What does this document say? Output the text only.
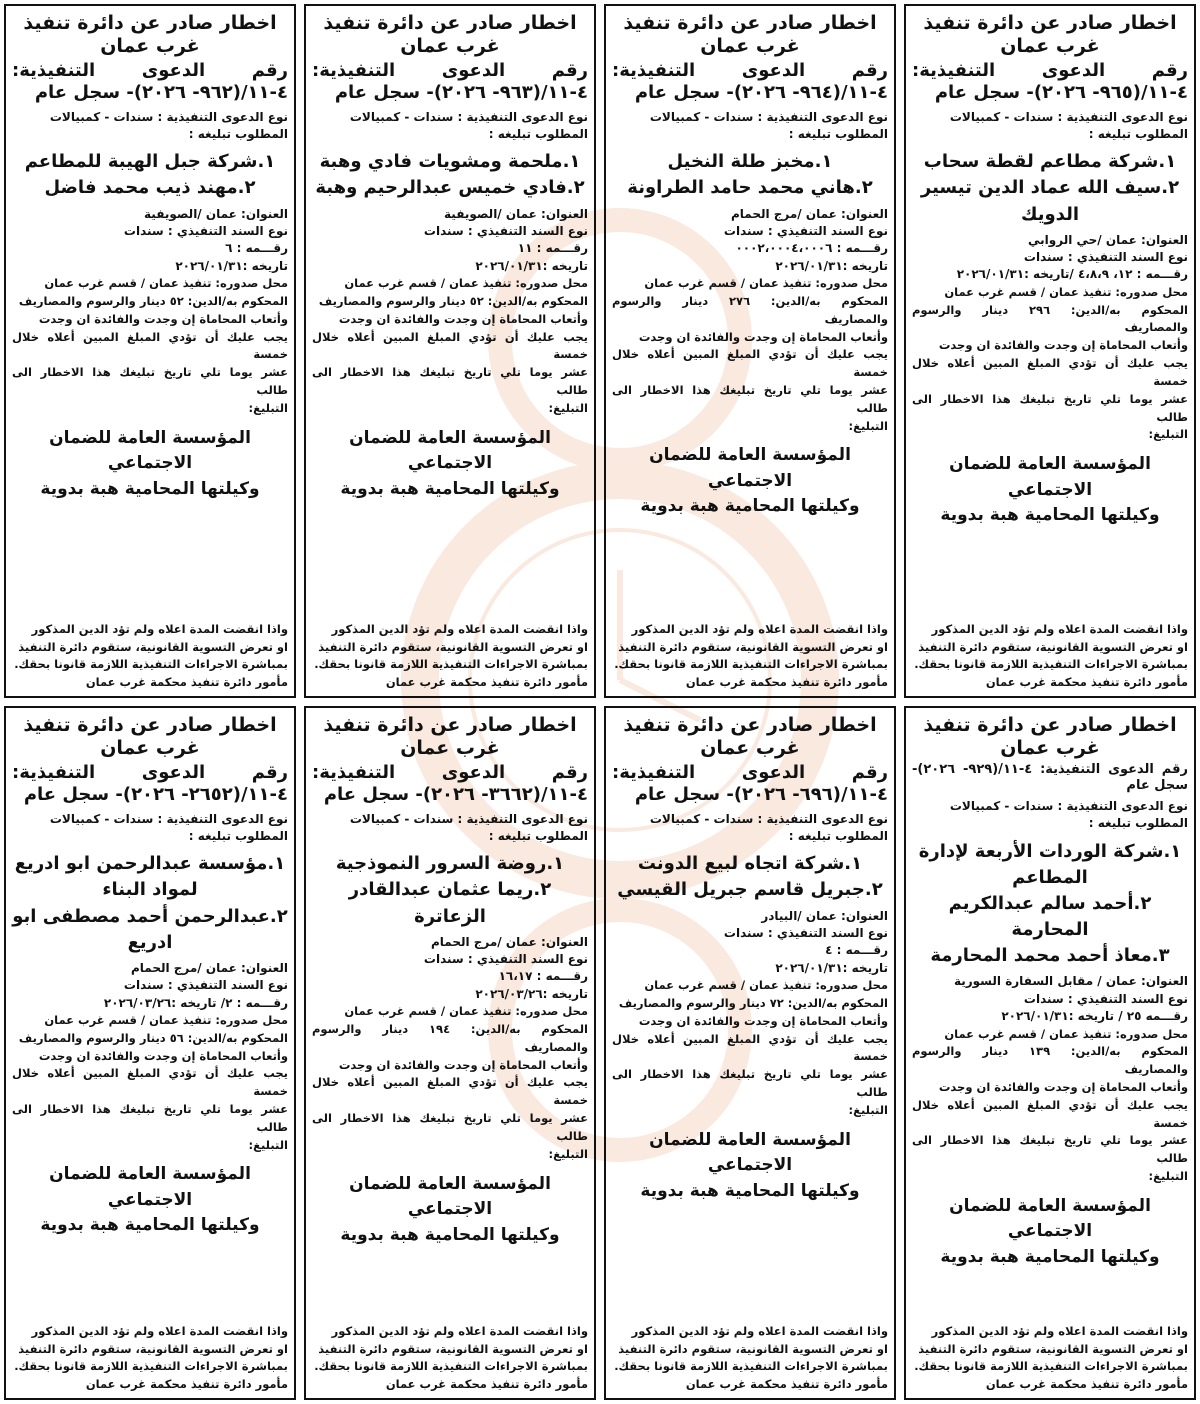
اخطار صادر عن دائرة تنفيذ غرب عمان
رقم الدعوى التنفيذية: ٤-١١/(٩٦٥- ٢٠٢٦)- سجل عام
نوع الدعوى التنفيذية : سندات - كمبيالات
المطلوب تبليغه :
١.شركة مطاعم لقطة سحاب
٢.سيف الله عماد الدين تيسير الدويك
العنوان: عمان /حي الروابي
نوع السند التنفيذي : سندات
رقـــمه : ١٢، ٤،٨،٩ /تاريخه :٢٠٢٦/٠١/٣١

محل صدوره: تنفيذ عمان / قسم غرب عمان

المحكوم به/الدين: ٢٩٦ دينار والرسوم والمصاريف

وأتعاب المحاماة إن وجدت والفائدة ان وجدت

يجب عليك أن تؤدي المبلغ المبين أعلاه خلال خمسة

عشر يوما تلي تاريخ تبليغك هذا الاخطار الى طالب

التبليغ:

المؤسسة العامة للضمان الاجتماعي
وكيلتها المحامية هبة بدوية
واذا انقضت المدة اعلاه ولم تؤد الدين المذكور
او تعرض التسوية القانونية، ستقوم دائرة التنفيذ
بمباشرة الاجراءات التنفيذية اللازمة قانونا بحقك.
مأمور دائرة تنفيذ محكمة غرب عمان
اخطار صادر عن دائرة تنفيذ غرب عمان
رقم الدعوى التنفيذية: ٤-١١/(٩٦٤- ٢٠٢٦)- سجل عام
نوع الدعوى التنفيذية : سندات - كمبيالات
المطلوب تبليغه :
١.مخبز طلة النخيل
٢.هاني محمد حامد الطراونة
العنوان: عمان /مرج الحمام
نوع السند التنفيذي : سندات
رقـــمه : ٠٠٠٢،٠٠٠٤،٠٠٠٦
تاريخه :٢٠٢٦/٠١/٣١

محل صدوره: تنفيذ عمان / قسم غرب عمان

المحكوم به/الدين: ٢٧٦ دينار والرسوم والمصاريف

وأتعاب المحاماة إن وجدت والفائدة ان وجدت

يجب عليك أن تؤدي المبلغ المبين أعلاه خلال خمسة

عشر يوما تلي تاريخ تبليغك هذا الاخطار الى طالب

التبليغ:

المؤسسة العامة للضمان الاجتماعي
وكيلتها المحامية هبة بدوية
واذا انقضت المدة اعلاه ولم تؤد الدين المذكور
او تعرض التسوية القانونية، ستقوم دائرة التنفيذ
بمباشرة الاجراءات التنفيذية اللازمة قانونا بحقك.
مأمور دائرة تنفيذ محكمة غرب عمان
اخطار صادر عن دائرة تنفيذ غرب عمان
رقم الدعوى التنفيذية: ٤-١١/(٩٦٣- ٢٠٢٦)- سجل عام
نوع الدعوى التنفيذية : سندات - كمبيالات
المطلوب تبليغه :
١.ملحمة ومشويات فادي وهبة
٢.فادي خميس عبدالرحيم وهبة
العنوان: عمان /الصويفية
نوع السند التنفيذي : سندات
رقـــمه : ١١
تاريخه :٢٠٢٦/٠١/٣١

محل صدوره: تنفيذ عمان / قسم غرب عمان

المحكوم به/الدين: ٥٢ دينار والرسوم والمصاريف

وأتعاب المحاماة إن وجدت والفائدة ان وجدت

يجب عليك أن تؤدي المبلغ المبين أعلاه خلال خمسة

عشر يوما تلي تاريخ تبليغك هذا الاخطار الى طالب

التبليغ:

المؤسسة العامة للضمان الاجتماعي
وكيلتها المحامية هبة بدوية
واذا انقضت المدة اعلاه ولم تؤد الدين المذكور
او تعرض التسوية القانونية، ستقوم دائرة التنفيذ
بمباشرة الاجراءات التنفيذية اللازمة قانونا بحقك.
مأمور دائرة تنفيذ محكمة غرب عمان
اخطار صادر عن دائرة تنفيذ غرب عمان
رقم الدعوى التنفيذية: ٤-١١/(٩٦٢- ٢٠٢٦)- سجل عام
نوع الدعوى التنفيذية : سندات - كمبيالات
المطلوب تبليغه :
١.شركة جبل الهيبة للمطاعم
٢.مهند ذيب محمد فاضل
العنوان: عمان /الصويفية
نوع السند التنفيذي : سندات
رقـــمه : ٦
تاريخه :٢٠٢٦/٠١/٣١

محل صدوره: تنفيذ عمان / قسم غرب عمان

المحكوم به/الدين: ٥٢ دينار والرسوم والمصاريف

وأتعاب المحاماة إن وجدت والفائدة ان وجدت

يجب عليك أن تؤدي المبلغ المبين أعلاه خلال خمسة

عشر يوما تلي تاريخ تبليغك هذا الاخطار الى طالب

التبليغ:

المؤسسة العامة للضمان الاجتماعي
وكيلتها المحامية هبة بدوية
واذا انقضت المدة اعلاه ولم تؤد الدين المذكور
او تعرض التسوية القانونية، ستقوم دائرة التنفيذ
بمباشرة الاجراءات التنفيذية اللازمة قانونا بحقك.
مأمور دائرة تنفيذ محكمة غرب عمان
اخطار صادر عن دائرة تنفيذ غرب عمان
رقم الدعوى التنفيذية: ٤-١١/(٩٢٩- ٢٠٢٦)- سجل عام
نوع الدعوى التنفيذية : سندات - كمبيالات
المطلوب تبليغه :
١.شركة الوردات الأربعة لإدارة المطاعم
٢.أحمد سالم عبدالكريم المحارمة
٣.معاذ أحمد محمد المحارمة
العنوان: عمان / مقابل السفارة السورية
نوع السند التنفيذي : سندات
رقـــمه ٢٥ / تاريخه :٢٠٢٦/٠١/٣١

محل صدوره: تنفيذ عمان / قسم غرب عمان

المحكوم به/الدين: ١٣٩ دينار والرسوم والمصاريف

وأتعاب المحاماة إن وجدت والفائدة ان وجدت

يجب عليك أن تؤدي المبلغ المبين أعلاه خلال خمسة

عشر يوما تلي تاريخ تبليغك هذا الاخطار الى طالب

التبليغ:

المؤسسة العامة للضمان الاجتماعي
وكيلتها المحامية هبة بدوية
واذا انقضت المدة اعلاه ولم تؤد الدين المذكور
او تعرض التسوية القانونية، ستقوم دائرة التنفيذ
بمباشرة الاجراءات التنفيذية اللازمة قانونا بحقك.
مأمور دائرة تنفيذ محكمة غرب عمان
اخطار صادر عن دائرة تنفيذ غرب عمان
رقم الدعوى التنفيذية: ٤-١١/(٦٩٦- ٢٠٢٦)- سجل عام
نوع الدعوى التنفيذية : سندات - كمبيالات
المطلوب تبليغه :
١.شركة اتجاه لبيع الدونت
٢.جبريل قاسم جبريل القيسي
العنوان: عمان /البيادر
نوع السند التنفيذي : سندات
رقـــمه : ٤
تاريخه :٢٠٢٦/٠١/٣١

محل صدوره: تنفيذ عمان / قسم غرب عمان

المحكوم به/الدين: ٧٢ دينار والرسوم والمصاريف

وأتعاب المحاماة إن وجدت والفائدة ان وجدت

يجب عليك أن تؤدي المبلغ المبين أعلاه خلال خمسة

عشر يوما تلي تاريخ تبليغك هذا الاخطار الى طالب

التبليغ:

المؤسسة العامة للضمان الاجتماعي
وكيلتها المحامية هبة بدوية
واذا انقضت المدة اعلاه ولم تؤد الدين المذكور
او تعرض التسوية القانونية، ستقوم دائرة التنفيذ
بمباشرة الاجراءات التنفيذية اللازمة قانونا بحقك.
مأمور دائرة تنفيذ محكمة غرب عمان
اخطار صادر عن دائرة تنفيذ غرب عمان
رقم الدعوى التنفيذية: ٤-١١/(٣٦٦٢- ٢٠٢٦)- سجل عام
نوع الدعوى التنفيذية : سندات - كمبيالات
المطلوب تبليغه :
١.روضة السرور النموذجية
٢.ريما عثمان عبدالقادر الزعاترة
العنوان: عمان /مرج الحمام
نوع السند التنفيذي : سندات
رقـــمه : ١٦،١٧
تاريخه :٢٠٢٦/٠٣/٢٦

محل صدوره: تنفيذ عمان / قسم غرب عمان

المحكوم به/الدين: ١٩٤ دينار والرسوم والمصاريف

وأتعاب المحاماة إن وجدت والفائدة ان وجدت

يجب عليك أن تؤدي المبلغ المبين أعلاه خلال خمسة

عشر يوما تلي تاريخ تبليغك هذا الاخطار الى طالب

التبليغ:

المؤسسة العامة للضمان الاجتماعي
وكيلتها المحامية هبة بدوية
واذا انقضت المدة اعلاه ولم تؤد الدين المذكور
او تعرض التسوية القانونية، ستقوم دائرة التنفيذ
بمباشرة الاجراءات التنفيذية اللازمة قانونا بحقك.
مأمور دائرة تنفيذ محكمة غرب عمان
اخطار صادر عن دائرة تنفيذ غرب عمان
رقم الدعوى التنفيذية: ٤-١١/(٢٦٥٢- ٢٠٢٦)- سجل عام
نوع الدعوى التنفيذية : سندات - كمبيالات
المطلوب تبليغه :
١.مؤسسة عبدالرحمن ابو ادريع لمواد البناء
٢.عبدالرحمن أحمد مصطفى ابو ادريع
العنوان: عمان /مرج الحمام
نوع السند التنفيذي : سندات
رقـــمه : ٢/ تاريخه :٢٠٢٦/٠٣/٢٦

محل صدوره: تنفيذ عمان / قسم غرب عمان

المحكوم به/الدين: ٥٦ دينار والرسوم والمصاريف

وأتعاب المحاماة إن وجدت والفائدة ان وجدت

يجب عليك أن تؤدي المبلغ المبين أعلاه خلال خمسة

عشر يوما تلي تاريخ تبليغك هذا الاخطار الى طالب

التبليغ:

المؤسسة العامة للضمان الاجتماعي
وكيلتها المحامية هبة بدوية
واذا انقضت المدة اعلاه ولم تؤد الدين المذكور
او تعرض التسوية القانونية، ستقوم دائرة التنفيذ
بمباشرة الاجراءات التنفيذية اللازمة قانونا بحقك.
مأمور دائرة تنفيذ محكمة غرب عمان
